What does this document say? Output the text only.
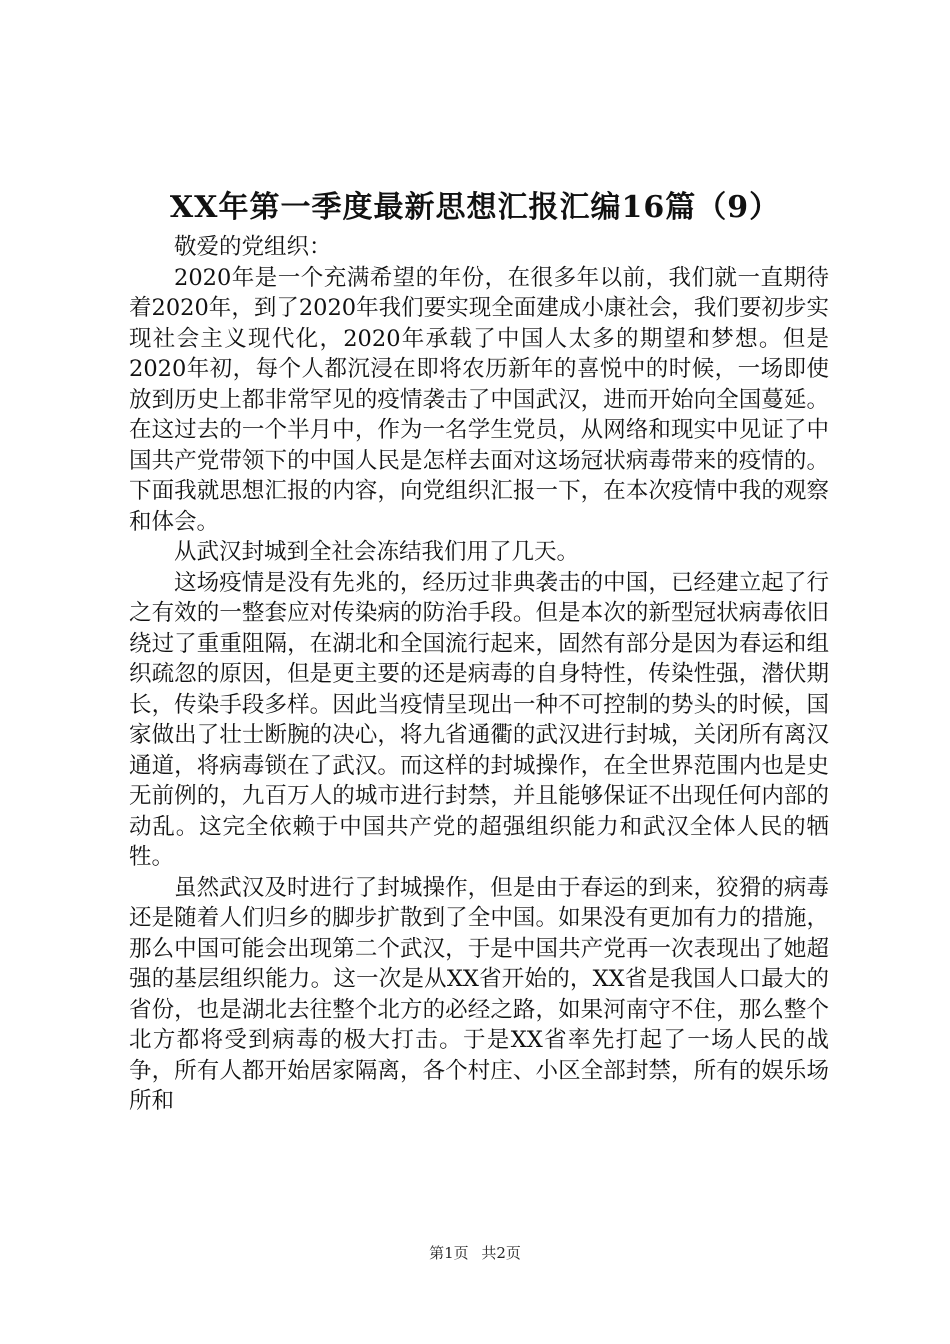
XX年第一季度最新思想汇报汇编16篇（9）

敬爱的党组织：

2020年是一个充满希望的年份，在很多年以前，我们就一直期待着2020年，到了2020年我们要实现全面建成小康社会，我们要初步实现社会主义现代化，2020年承载了中国人太多的期望和梦想。但是2020年初，每个人都沉浸在即将农历新年的喜悦中的时候，一场即使放到历史上都非常罕见的疫情袭击了中国武汉，进而开始向全国蔓延。在这过去的一个半月中，作为一名学生党员，从网络和现实中见证了中国共产党带领下的中国人民是怎样去面对这场冠状病毒带来的疫情的。下面我就思想汇报的内容，向党组织汇报一下，在本次疫情中我的观察和体会。

从武汉封城到全社会冻结我们用了几天。

这场疫情是没有先兆的，经历过非典袭击的中国，已经建立起了行之有效的一整套应对传染病的防治手段。但是本次的新型冠状病毒依旧绕过了重重阻隔，在湖北和全国流行起来，固然有部分是因为春运和组织疏忽的原因，但是更主要的还是病毒的自身特性，传染性强，潜伏期长，传染手段多样。因此当疫情呈现出一种不可控制的势头的时候，国家做出了壮士断腕的决心，将九省通衢的武汉进行封城，关闭所有离汉通道，将病毒锁在了武汉。而这样的封城操作，在全世界范围内也是史无前例的，九百万人的城市进行封禁，并且能够保证不出现任何内部的动乱。这完全依赖于中国共产党的超强组织能力和武汉全体人民的牺牲。

虽然武汉及时进行了封城操作，但是由于春运的到来，狡猾的病毒还是随着人们归乡的脚步扩散到了全中国。如果没有更加有力的措施，那么中国可能会出现第二个武汉，于是中国共产党再一次表现出了她超强的基层组织能力。这一次是从XX省开始的，XX省是我国人口最大的省份，也是湖北去往整个北方的必经之路，如果河南守不住，那么整个北方都将受到病毒的极大打击。于是XX省率先打起了一场人民的战争，所有人都开始居家隔离，各个村庄、小区全部封禁，所有的娱乐场所和

第1页 共2页
